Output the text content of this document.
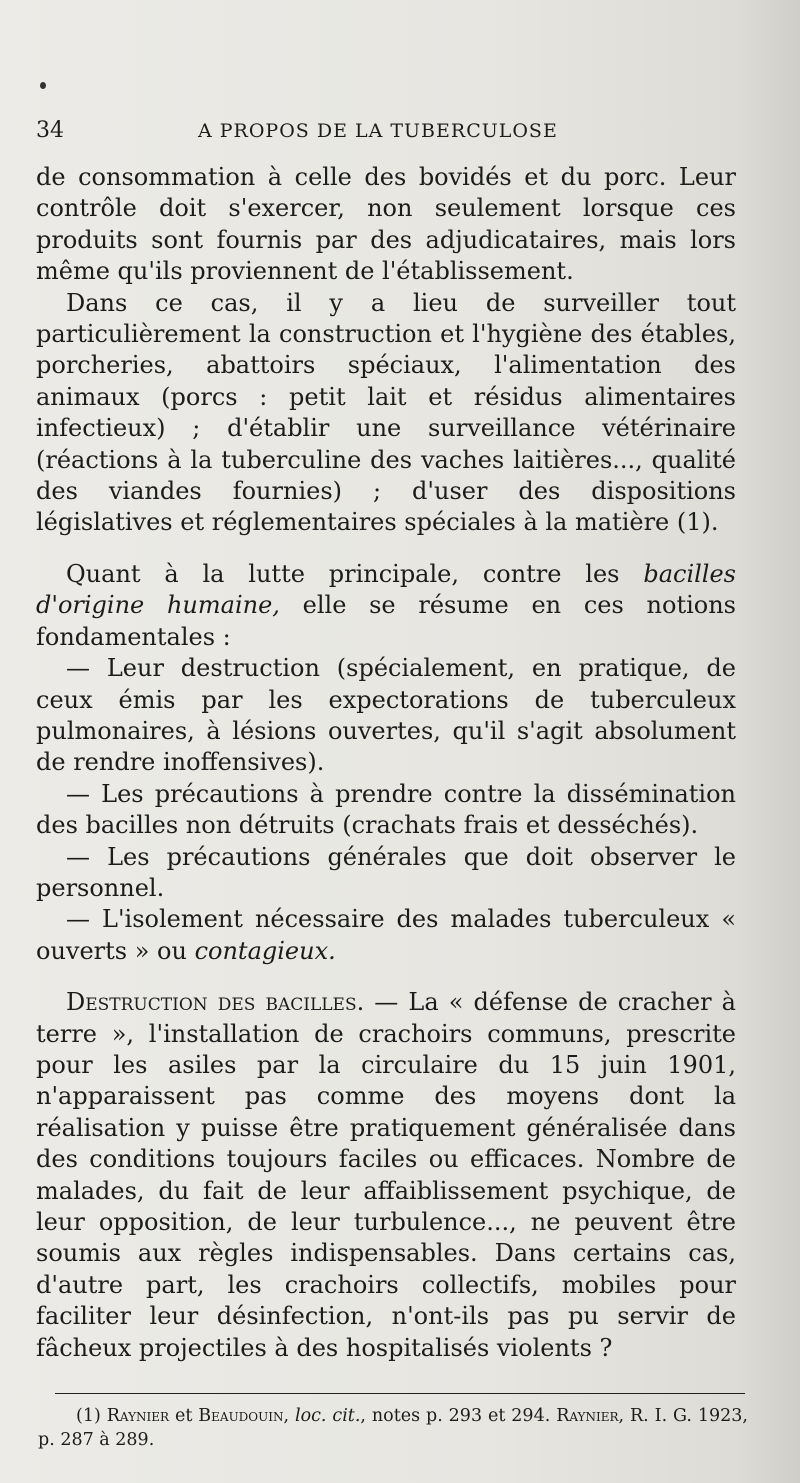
34	A PROPOS DE LA TUBERCULOSE

de consommation à celle des bovidés et du porc. Leur contrôle doit s'exercer, non seulement lorsque ces produits sont fournis par des adjudicataires, mais lors même qu'ils proviennent de l'établissement.

Dans ce cas, il y a lieu de surveiller tout particulièrement la construction et l'hygiène des étables, porcheries, abattoirs spéciaux, l'alimentation des animaux (porcs : petit lait et résidus alimentaires infectieux) ; d'établir une surveillance vétérinaire (réactions à la tuberculine des vaches laitières..., qualité des viandes fournies) ; d'user des dispositions législatives et réglementaires spéciales à la matière (1).

Quant à la lutte principale, contre les bacilles d'origine humaine, elle se résume en ces notions fondamentales :

— Leur destruction (spécialement, en pratique, de ceux émis par les expectorations de tuberculeux pulmonaires, à lésions ouvertes, qu'il s'agit absolument de rendre inoffensives).

— Les précautions à prendre contre la dissémination des bacilles non détruits (crachats frais et desséchés).

— Les précautions générales que doit observer le personnel.

— L'isolement nécessaire des malades tuberculeux « ouverts » ou contagieux.

Destruction des bacilles. — La « défense de cracher à terre », l'installation de crachoirs communs, prescrite pour les asiles par la circulaire du 15 juin 1901, n'apparaissent pas comme des moyens dont la réalisation y puisse être pratiquement généralisée dans des conditions toujours faciles ou efficaces. Nombre de malades, du fait de leur affaiblissement psychique, de leur opposition, de leur turbulence..., ne peuvent être soumis aux règles indispensables. Dans certains cas, d'autre part, les crachoirs collectifs, mobiles pour faciliter leur désinfection, n'ont-ils pas pu servir de fâcheux projectiles à des hospitalisés violents ?

(1) Raynier et Beaudouin, loc. cit., notes p. 293 et 294. Raynier, R. I. G. 1923, p. 287 à 289.
